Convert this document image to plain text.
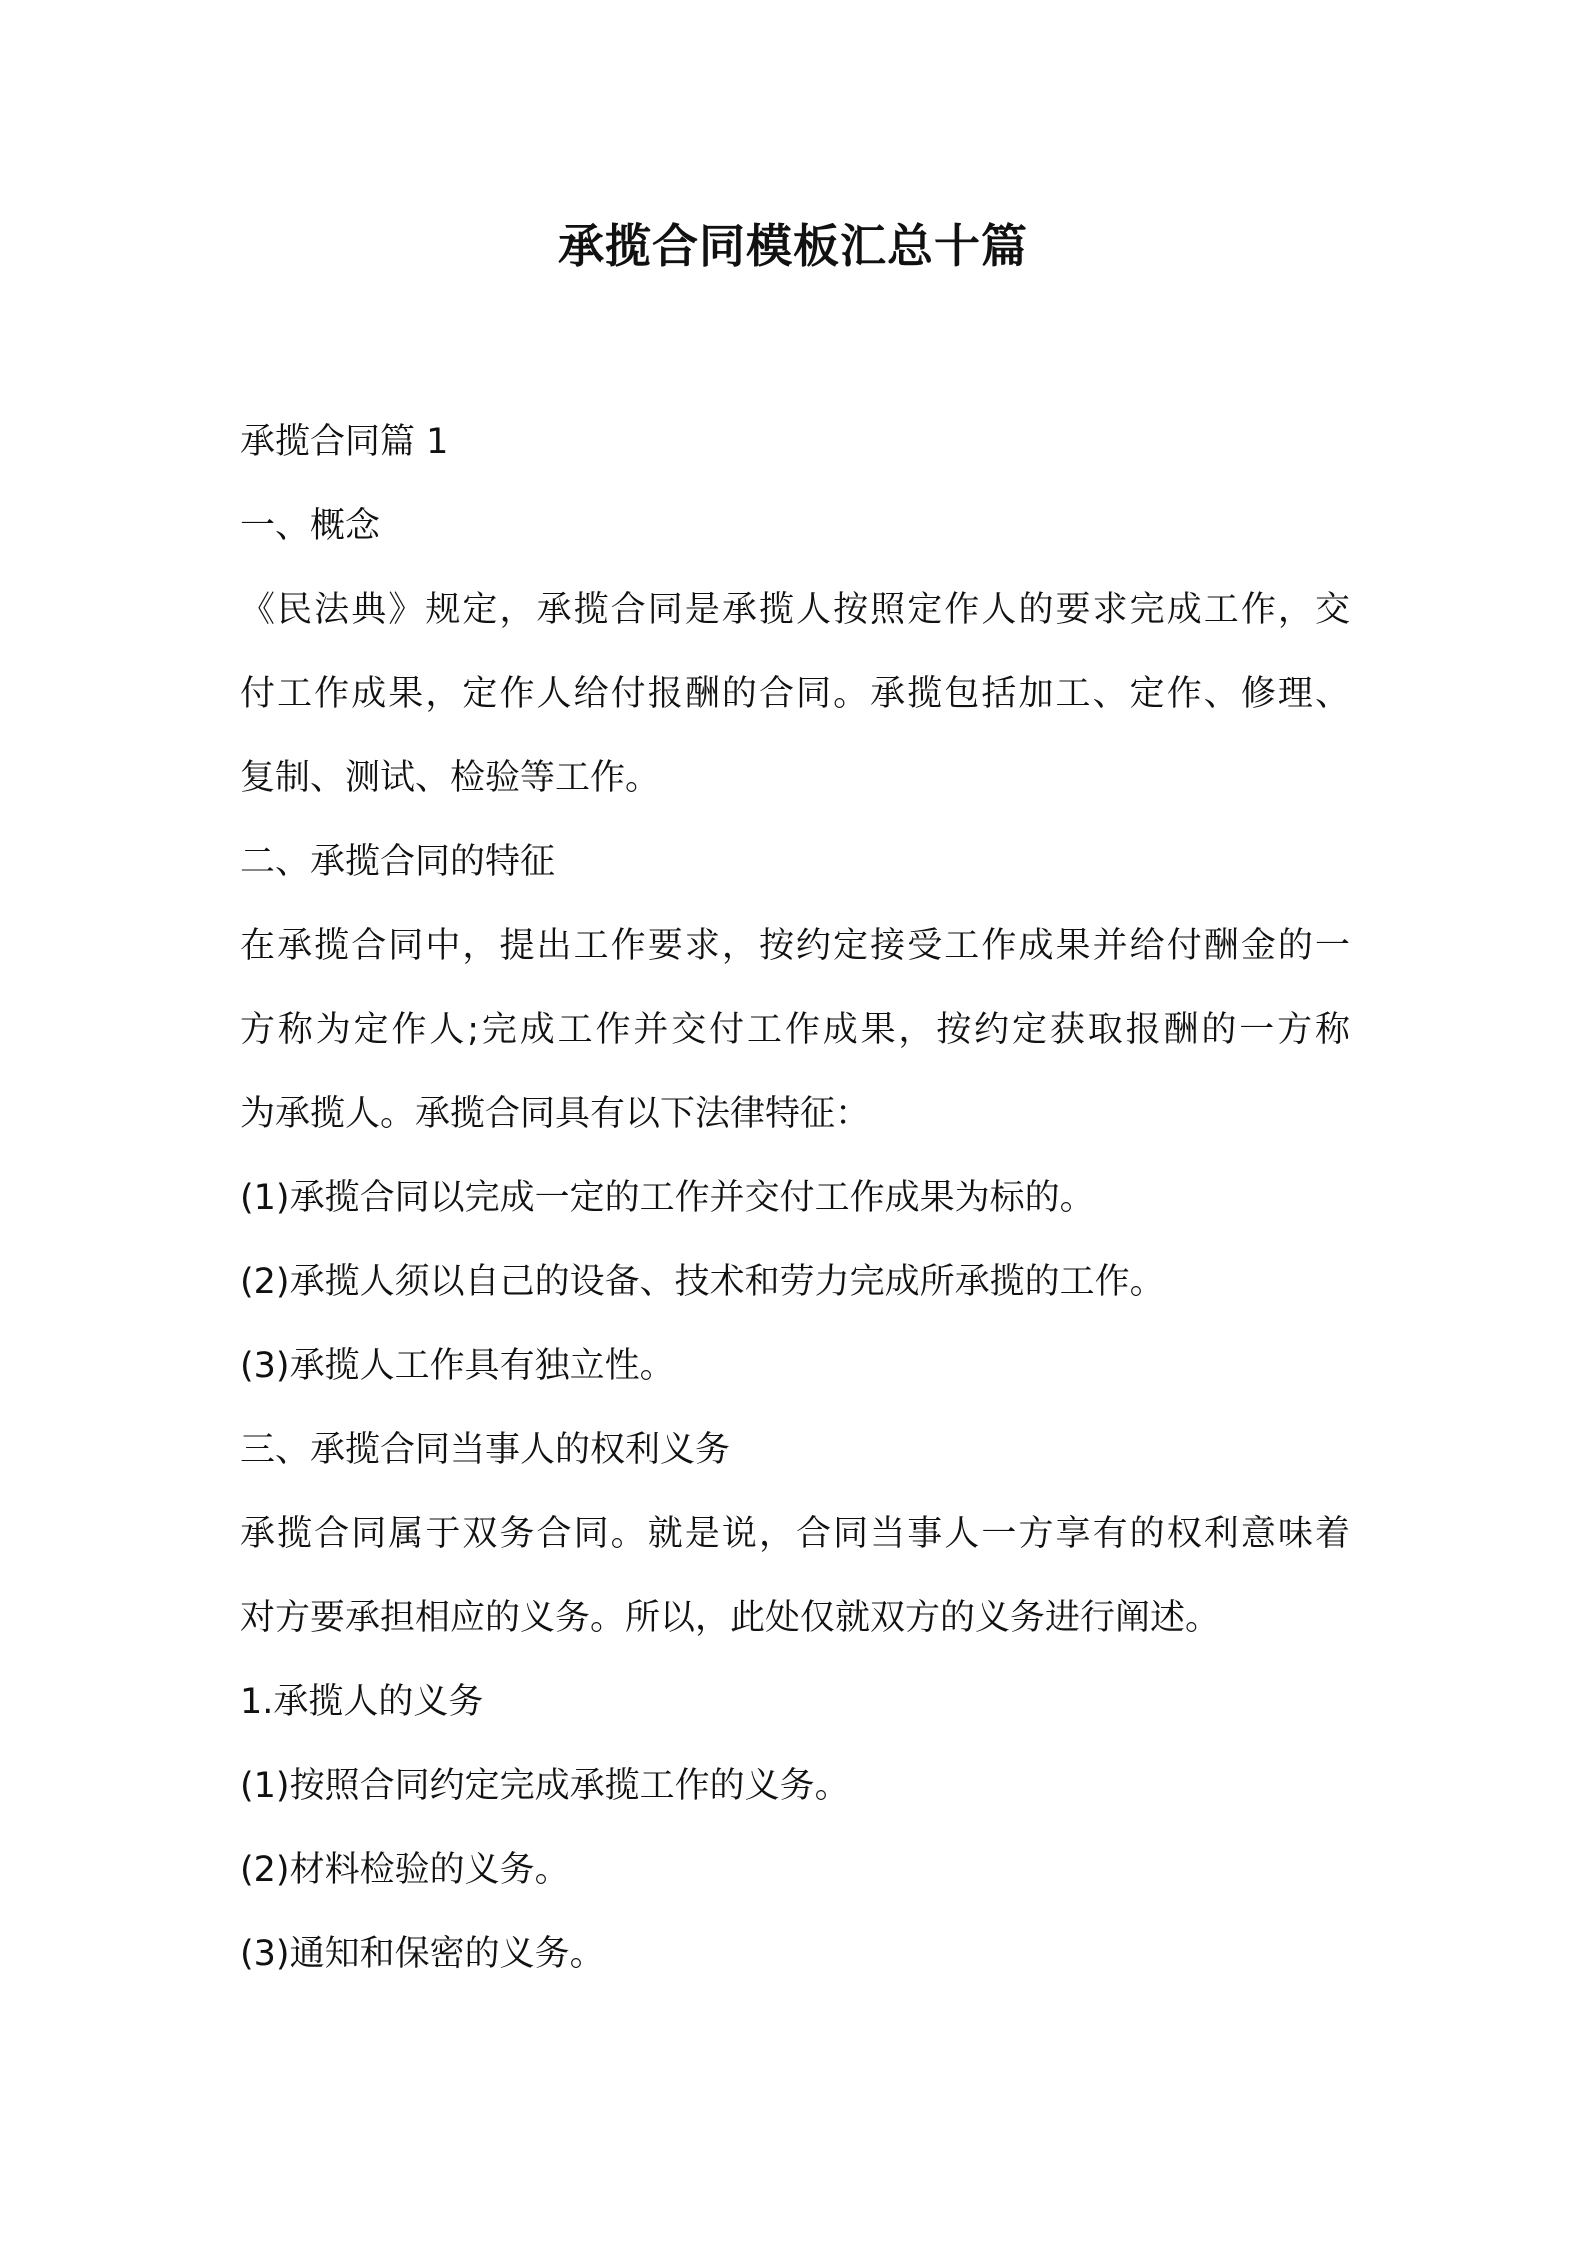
承揽合同模板汇总十篇
承揽合同篇 1
一、概念
《民法典》规定，承揽合同是承揽人按照定作人的要求完成工作，交
付工作成果，定作人给付报酬的合同。承揽包括加工、定作、修理、
复制、测试、检验等工作。
二、承揽合同的特征
在承揽合同中，提出工作要求，按约定接受工作成果并给付酬金的一
方称为定作人;完成工作并交付工作成果，按约定获取报酬的一方称
为承揽人。承揽合同具有以下法律特征：
(1)承揽合同以完成一定的工作并交付工作成果为标的。
(2)承揽人须以自己的设备、技术和劳力完成所承揽的工作。
(3)承揽人工作具有独立性。
三、承揽合同当事人的权利义务
承揽合同属于双务合同。就是说，合同当事人一方享有的权利意味着
对方要承担相应的义务。所以，此处仅就双方的义务进行阐述。
1.承揽人的义务
(1)按照合同约定完成承揽工作的义务。
(2)材料检验的义务。
(3)通知和保密的义务。
